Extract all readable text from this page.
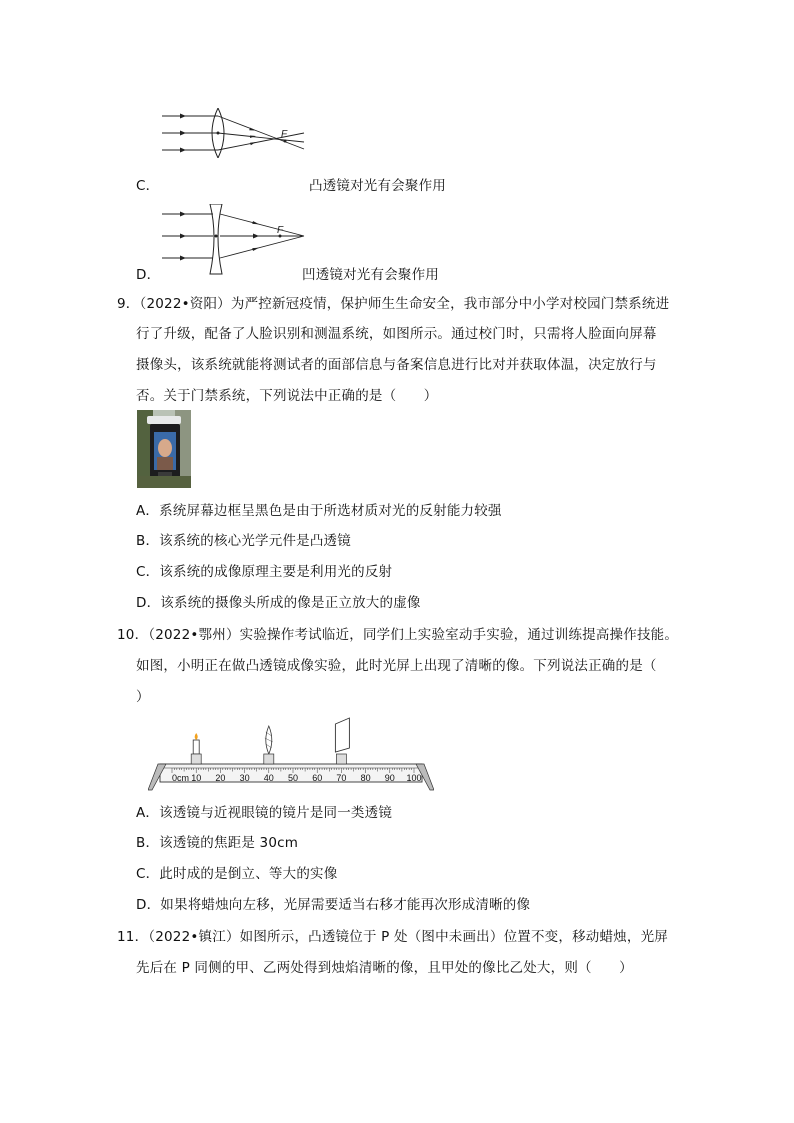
F
C．	凸透镜对光有会聚作用
F
D．	凹透镜对光有会聚作用
9．（2022•资阳）为严控新冠疫情，保护师生生命安全，我市部分中小学对校园门禁系统进
行了升级，配备了人脸识别和测温系统，如图所示。通过校门时，只需将人脸面向屏幕
摄像头，该系统就能将测试者的面部信息与备案信息进行比对并获取体温，决定放行与
否。关于门禁系统，下列说法中正确的是（　　）
A．系统屏幕边框呈黑色是由于所选材质对光的反射能力较强
B．该系统的核心光学元件是凸透镜
C．该系统的成像原理主要是利用光的反射
D．该系统的摄像头所成的像是正立放大的虚像
10．（2022•鄂州）实验操作考试临近，同学们上实验室动手实验，通过训练提高操作技能。
如图，小明正在做凸透镜成像实验，此时光屏上出现了清晰的像。下列说法正确的是（
）
0cm 10 20 30 40 50 60 70 80 90 100
A．该透镜与近视眼镜的镜片是同一类透镜
B．该透镜的焦距是 30cm
C．此时成的是倒立、等大的实像
D．如果将蜡烛向左移，光屏需要适当右移才能再次形成清晰的像
11．（2022•镇江）如图所示，凸透镜位于 P 处（图中未画出）位置不变，移动蜡烛，光屏
先后在 P 同侧的甲、乙两处得到烛焰清晰的像，且甲处的像比乙处大，则（　　）
